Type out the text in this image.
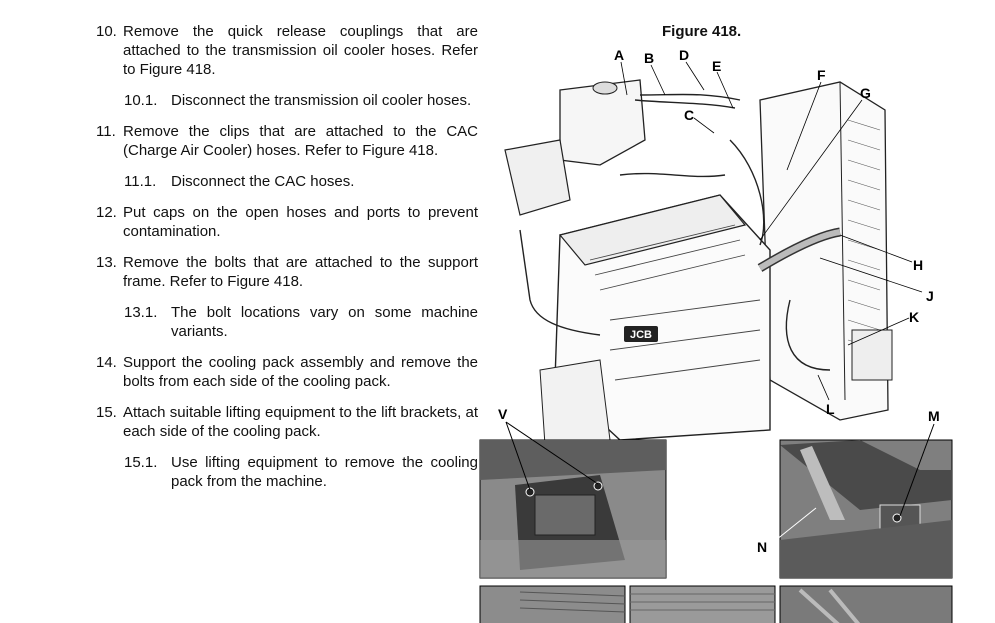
10. Remove the quick release couplings that are attached to the transmission oil cooler hoses. Refer to Figure 418.
10.1. Disconnect the transmission oil cooler hoses.
11. Remove the clips that are attached to the CAC (Charge Air Cooler) hoses. Refer to Figure 418.
11.1. Disconnect the CAC hoses.
12. Put caps on the open hoses and ports to prevent contamination.
13. Remove the bolts that are attached to the support frame. Refer to Figure 418.
13.1. The bolt locations vary on some machine variants.
14. Support the cooling pack assembly and remove the bolts from each side of the cooling pack.
15. Attach suitable lifting equipment to the lift brackets, at each side of the cooling pack.
15.1. Use lifting equipment to remove the cooling pack from the machine.
Figure 418.
JCB
A B D
E
F
G
C
H
J
K
L	M
V
N
